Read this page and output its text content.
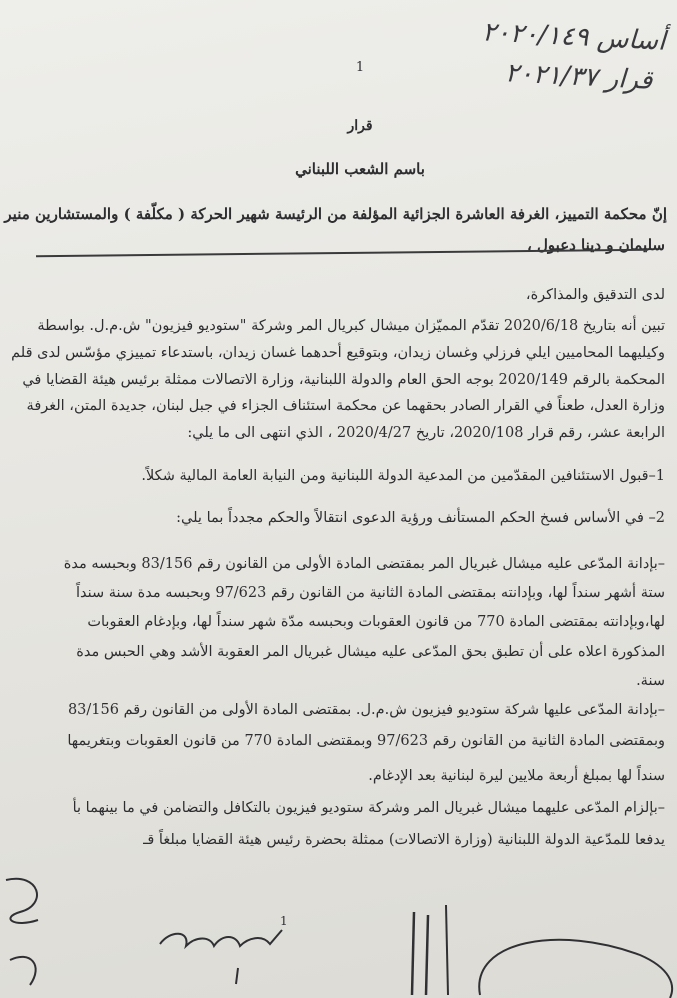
أساس ٢٠٢٠/١٤٩
قرار ٢٠٢١/٣٧
1
قرار
باسم الشعب اللبناني
إنّ محكمة التمييز، الغرفة العاشرة الجزائية المؤلفة من الرئيسة شهير الحركة ( مكلّفة ) والمستشارين منير
سليمان و دينا دعبول ،
لدى التدقيق والمذاكرة،
تبين أنه بتاريخ 2020/6/18 تقدّم المميّزان ميشال كبريال المر وشركة "ستوديو فيزيون" ش.م.ل. بواسطة
وكيليهما المحاميين ايلي فرزلي وغسان زيدان، وبتوقيع أحدهما غسان زيدان، باستدعاء تمييزي مؤسّس لدى قلم
المحكمة بالرقم 2020/149 بوجه الحق العام والدولة اللبنانية، وزارة الاتصالات ممثلة برئيس هيئة القضايا في
وزارة العدل، طعناً في القرار الصادر بحقهما عن محكمة استئناف الجزاء في جبل لبنان، جديدة المتن، الغرفة
الرابعة عشر، رقم قرار 2020/108، تاريخ 2020/4/27 ، الذي انتهى الى ما يلي:
1–قبول الاستئنافين المقدّمين من المدعية الدولة اللبنانية ومن النيابة العامة المالية شكلاً.
2– في الأساس فسخ الحكم المستأنف ورؤية الدعوى انتقالاً والحكم مجدداً بما يلي:
–بإدانة المدّعى عليه ميشال غبريال المر بمقتضى المادة الأولى من القانون رقم 83/156 وبحبسه مدة
ستة أشهر سنداً لها، وبإدانته بمقتضى المادة الثانية من القانون رقم 97/623 وبحبسه مدة سنة سنداً
لها،وبإدانته بمقتضى المادة 770 من قانون العقوبات وبحبسه مدّة شهر سنداً لها، وبإدغام العقوبات
المذكورة اعلاه على أن تطبق بحق المدّعى عليه ميشال غبريال المر العقوبة الأشد وهي الحبس مدة
سنة.
–بإدانة المدّعى عليها شركة ستوديو فيزيون ش.م.ل. بمقتضى المادة الأولى من القانون رقم 83/156
وبمقتضى المادة الثانية من القانون رقم 97/623 وبمقتضى المادة 770 من قانون العقوبات وبتغريمها
سنداً لها بمبلغ أربعة ملايين ليرة لبنانية بعد الإدغام.
–بإلزام المدّعى عليهما ميشال غبريال المر وشركة ستوديو فيزيون بالتكافل والتضامن في ما بينهما بأ
يدفعا للمدّعية الدولة اللبنانية (وزارة الاتصالات) ممثلة بحضرة رئيس هيئة القضايا مبلغاً قـ
1
